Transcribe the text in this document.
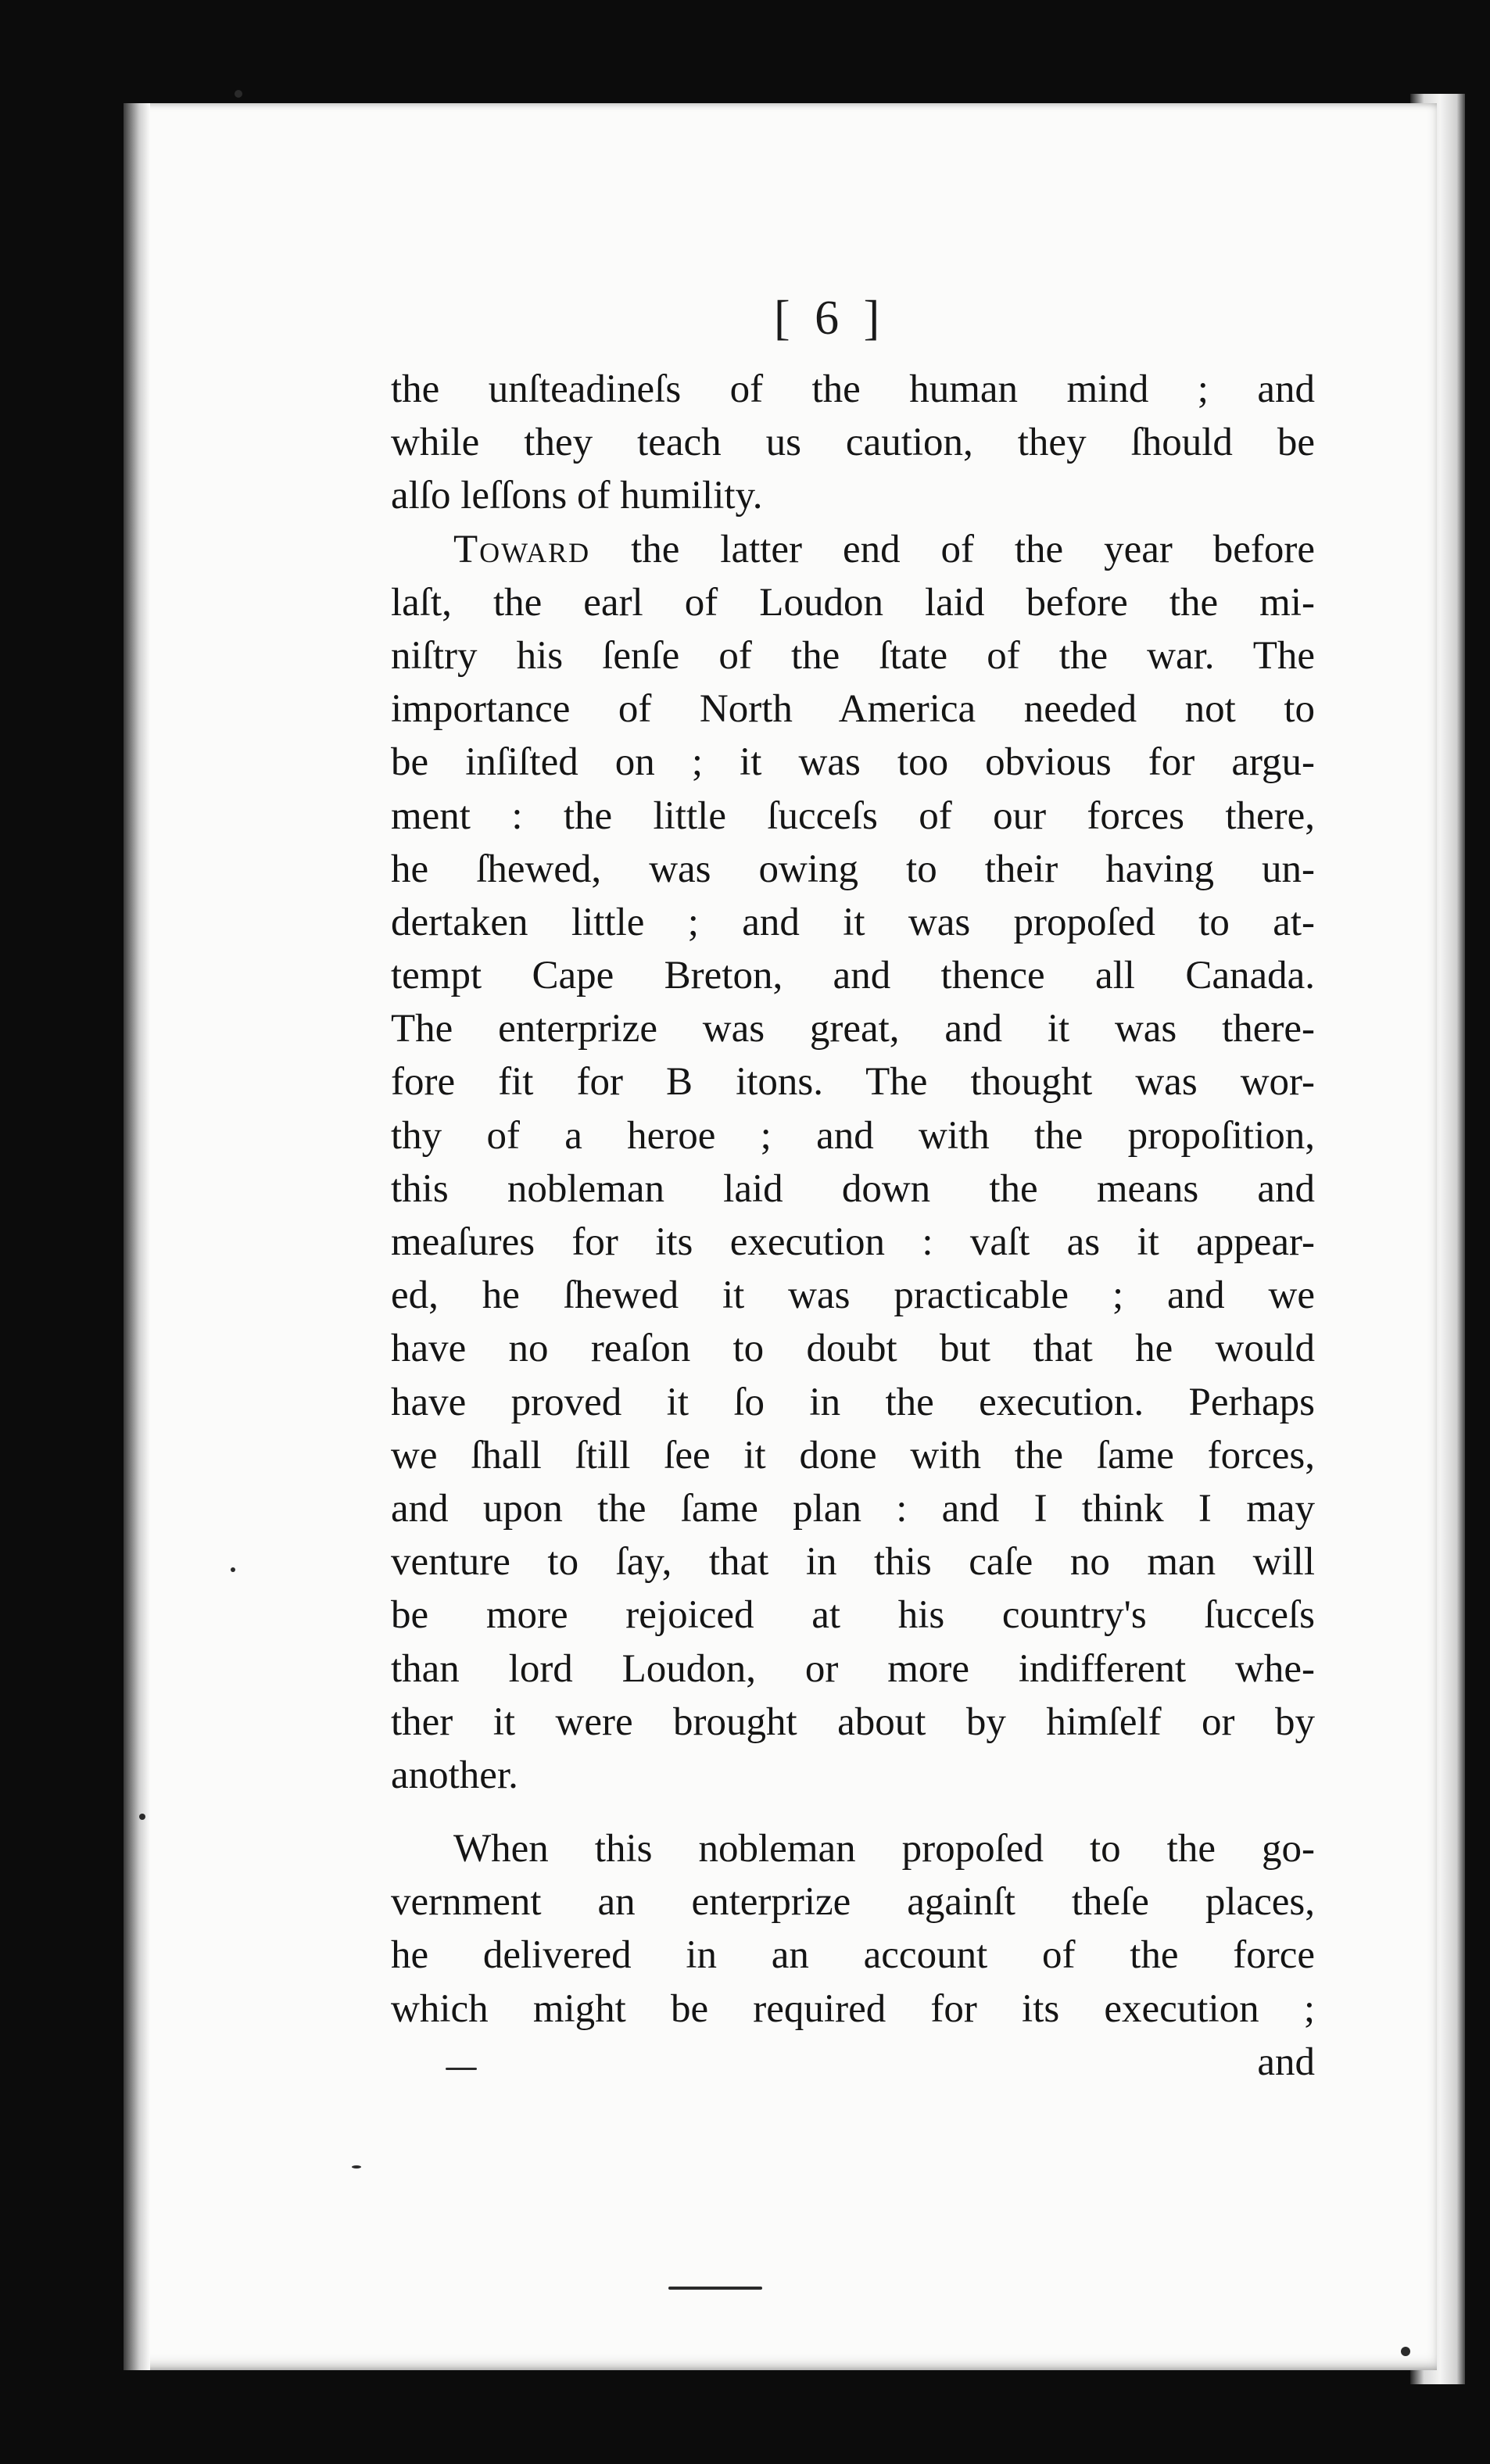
[ 6 ]
the unſteadineſs of the human mind ; and
while they teach us caution, they ſhould be
alſo leſſons of humility.
Toward the latter end of the year before
laſt, the earl of Loudon laid before the mi-
niſtry his ſenſe of the ſtate of the war. The
importance of North America needed not to
be inſiſted on ; it was too obvious for argu-
ment : the little ſucceſs of our forces there,
he ſhewed, was owing to their having un-
dertaken little ; and it was propoſed to at-
tempt Cape Breton, and thence all Canada.
The enterprize was great, and it was there-
fore fit for B itons. The thought was wor-
thy of a heroe ; and with the propoſition,
this nobleman laid down the means and
meaſures for its execution : vaſt as it appear-
ed, he ſhewed it was practicable ; and we
have no reaſon to doubt but that he would
have proved it ſo in the execution. Perhaps
we ſhall ſtill ſee it done with the ſame forces,
and upon the ſame plan : and I think I may
venture to ſay, that in this caſe no man will
be more rejoiced at his country's ſucceſs
than lord Loudon, or more indifferent whe-
ther it were brought about by himſelf or by
another.
When this nobleman propoſed to the go-
vernment an enterprize againſt theſe places,
he delivered in an account of the force
which might be required for its execution ;
and
